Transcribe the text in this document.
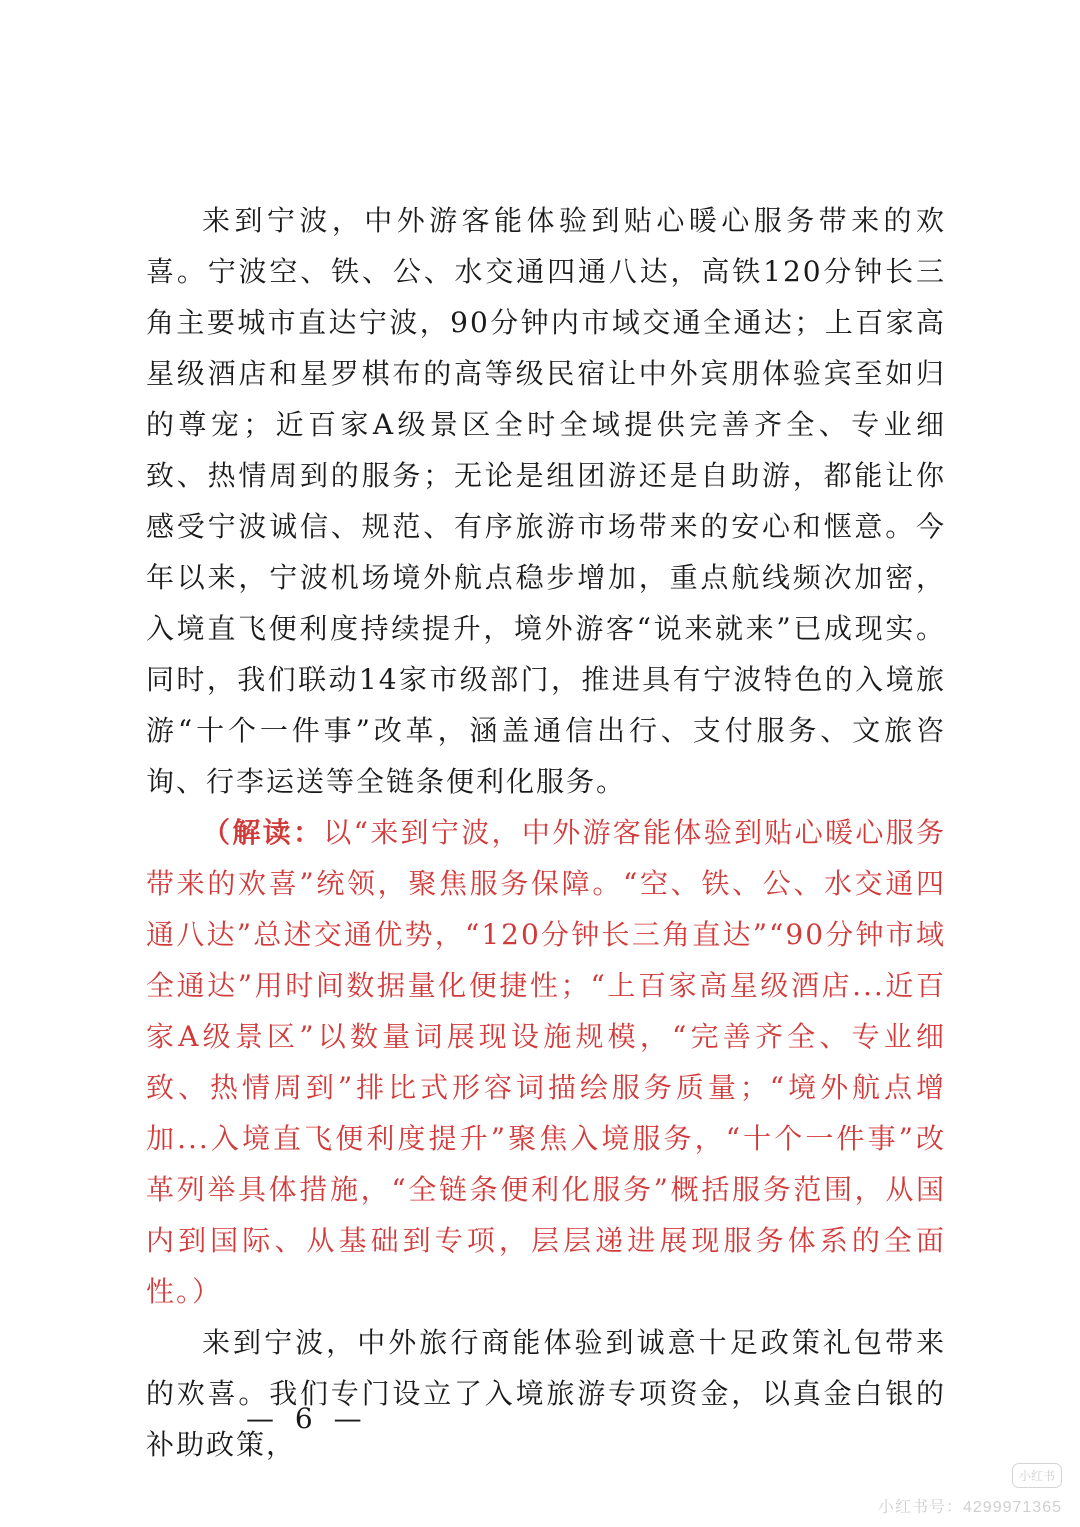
来到宁波，中外游客能体验到贴心暖心服务带来的欢喜。宁波空、铁、公、水交通四通八达，高铁120分钟长三角主要城市直达宁波，90分钟内市域交通全通达；上百家高星级酒店和星罗棋布的高等级民宿让中外宾朋体验宾至如归的尊宠；近百家A级景区全时全域提供完善齐全、专业细致、热情周到的服务；无论是组团游还是自助游，都能让你感受宁波诚信、规范、有序旅游市场带来的安心和惬意。今年以来，宁波机场境外航点稳步增加，重点航线频次加密，入境直飞便利度持续提升，境外游客“说来就来”已成现实。同时，我们联动14家市级部门，推进具有宁波特色的入境旅游“十个一件事”改革，涵盖通信出行、支付服务、文旅咨询、行李运送等全链条便利化服务。

（解读：以“来到宁波，中外游客能体验到贴心暖心服务带来的欢喜”统领，聚焦服务保障。“空、铁、公、水交通四通八达”总述交通优势，“120分钟长三角直达”“90分钟市域全通达”用时间数据量化便捷性；“上百家高星级酒店...近百家A级景区”以数量词展现设施规模，“完善齐全、专业细致、热情周到”排比式形容词描绘服务质量；“境外航点增加...入境直飞便利度提升”聚焦入境服务，“十个一件事”改革列举具体措施，“全链条便利化服务”概括服务范围，从国内到国际、从基础到专项，层层递进展现服务体系的全面性。）

来到宁波，中外旅行商能体验到诚意十足政策礼包带来的欢喜。我们专门设立了入境旅游专项资金，以真金白银的补助政策，

— 6 —
小红书
小红书号：4299971365
